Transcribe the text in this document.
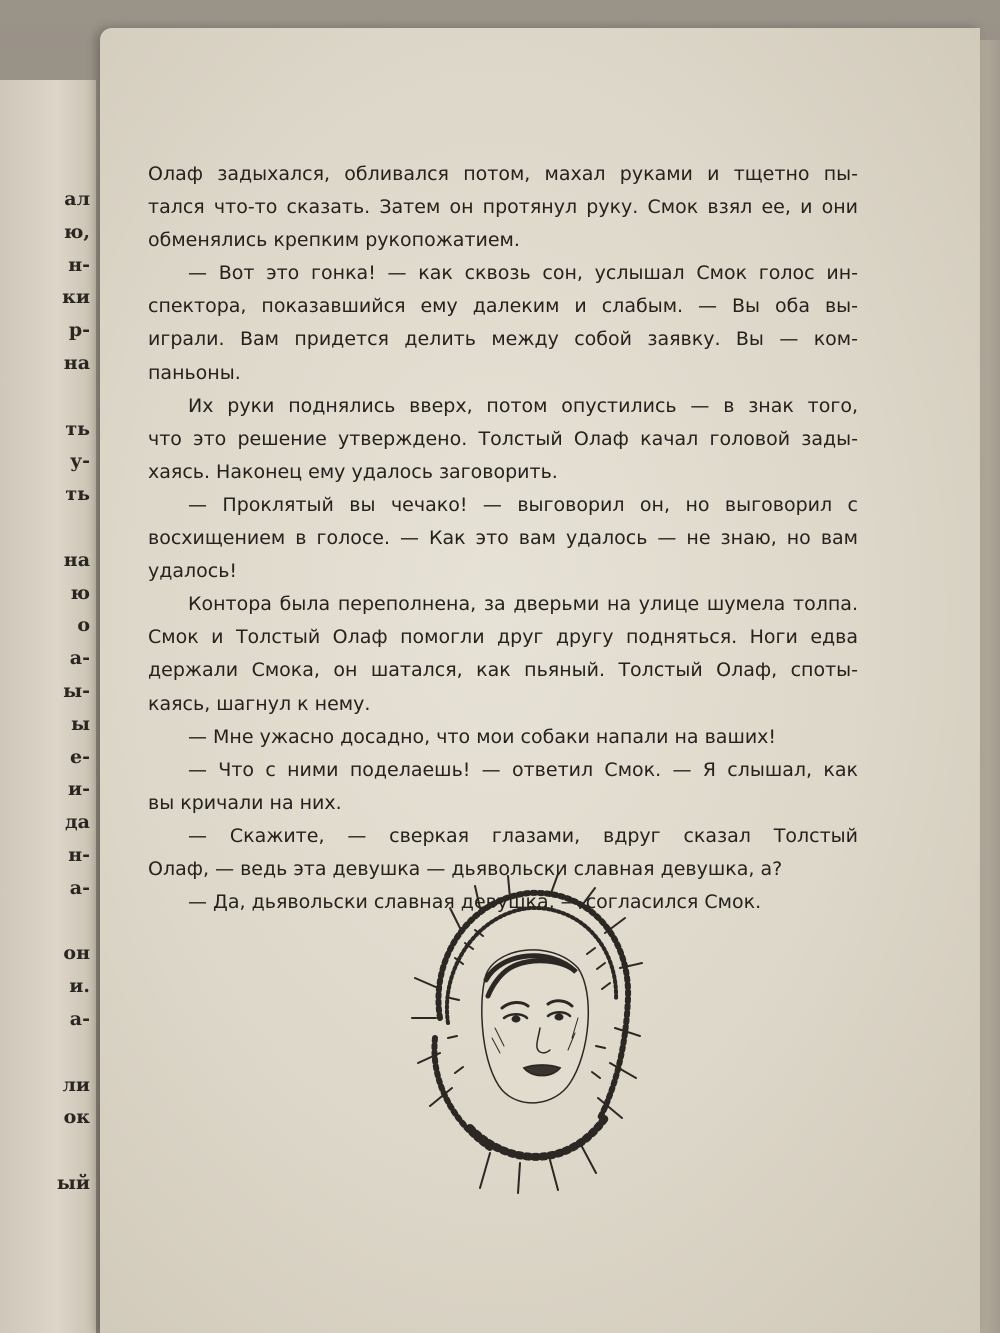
ал
ю,
н-
ки
р-
на
ть
у-
ть
на
ю
о
а-
ы-
ы
е-
и-
да
н-
а-
он
и.
а-
ли
ок
ый
Олаф задыхался, обливался потом, махал руками и тщетно пы-
тался что-то сказать. Затем он протянул руку. Смок взял ее, и они
обменялись крепким рукопожатием.
— Вот это гонка! — как сквозь сон, услышал Смок голос ин-
спектора, показавшийся ему далеким и слабым. — Вы оба вы-
играли. Вам придется делить между собой заявку. Вы — ком-
паньоны.
Их руки поднялись вверх, потом опустились — в знак того,
что это решение утверждено. Толстый Олаф качал головой зады-
хаясь. Наконец ему удалось заговорить.
— Проклятый вы чечако! — выговорил он, но выговорил с
восхищением в голосе. — Как это вам удалось — не знаю, но вам
удалось!
Контора была переполнена, за дверьми на улице шумела толпа.
Смок и Толстый Олаф помогли друг другу подняться. Ноги едва
держали Смока, он шатался, как пьяный. Толстый Олаф, споты-
каясь, шагнул к нему.
— Мне ужасно досадно, что мои собаки напали на ваших!
— Что с ними поделаешь! — ответил Смок. — Я слышал, как
вы кричали на них.
— Скажите, — сверкая глазами, вдруг сказал Толстый
Олаф, — ведь эта девушка — дьявольски славная девушка, а?
— Да, дьявольски славная девушка, — согласился Смок.
